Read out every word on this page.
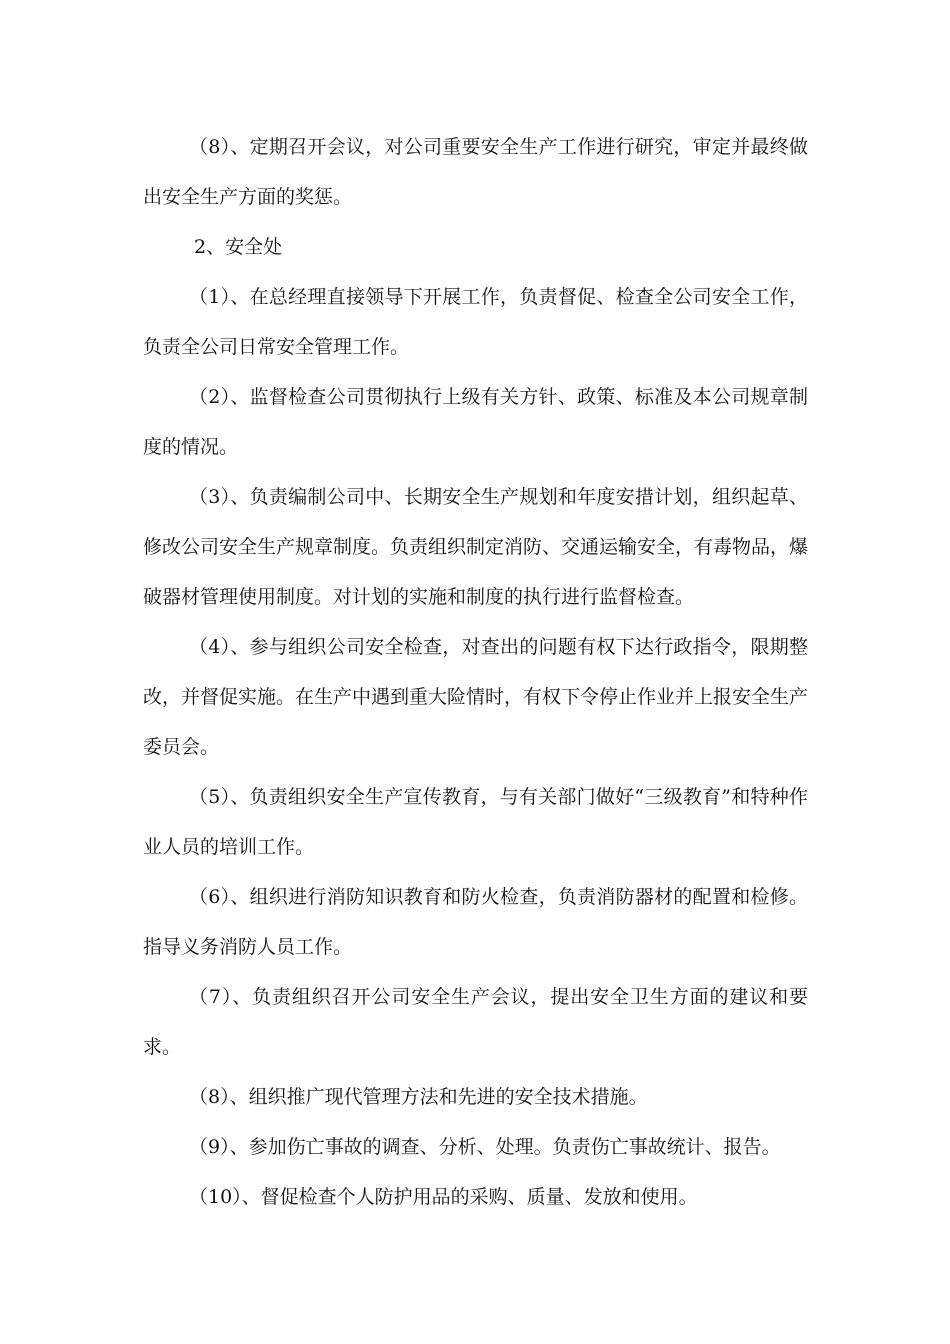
（8）、定期召开会议，对公司重要安全生产工作进行研究，审定并最终做出安全生产方面的奖惩。

2、安全处

（1）、在总经理直接领导下开展工作，负责督促、检查全公司安全工作，负责全公司日常安全管理工作。

（2）、监督检查公司贯彻执行上级有关方针、政策、标准及本公司规章制度的情况。

（3）、负责编制公司中、长期安全生产规划和年度安措计划，组织起草、修改公司安全生产规章制度。负责组织制定消防、交通运输安全，有毒物品，爆破器材管理使用制度。对计划的实施和制度的执行进行监督检查。

（4）、参与组织公司安全检查，对查出的问题有权下达行政指令，限期整改，并督促实施。在生产中遇到重大险情时，有权下令停止作业并上报安全生产委员会。

（5）、负责组织安全生产宣传教育，与有关部门做好“三级教育”和特种作业人员的培训工作。

（6）、组织进行消防知识教育和防火检查，负责消防器材的配置和检修。指导义务消防人员工作。

（7）、负责组织召开公司安全生产会议，提出安全卫生方面的建议和要求。

（8）、组织推广现代管理方法和先进的安全技术措施。

（9）、参加伤亡事故的调查、分析、处理。负责伤亡事故统计、报告。

（10）、督促检查个人防护用品的采购、质量、发放和使用。
